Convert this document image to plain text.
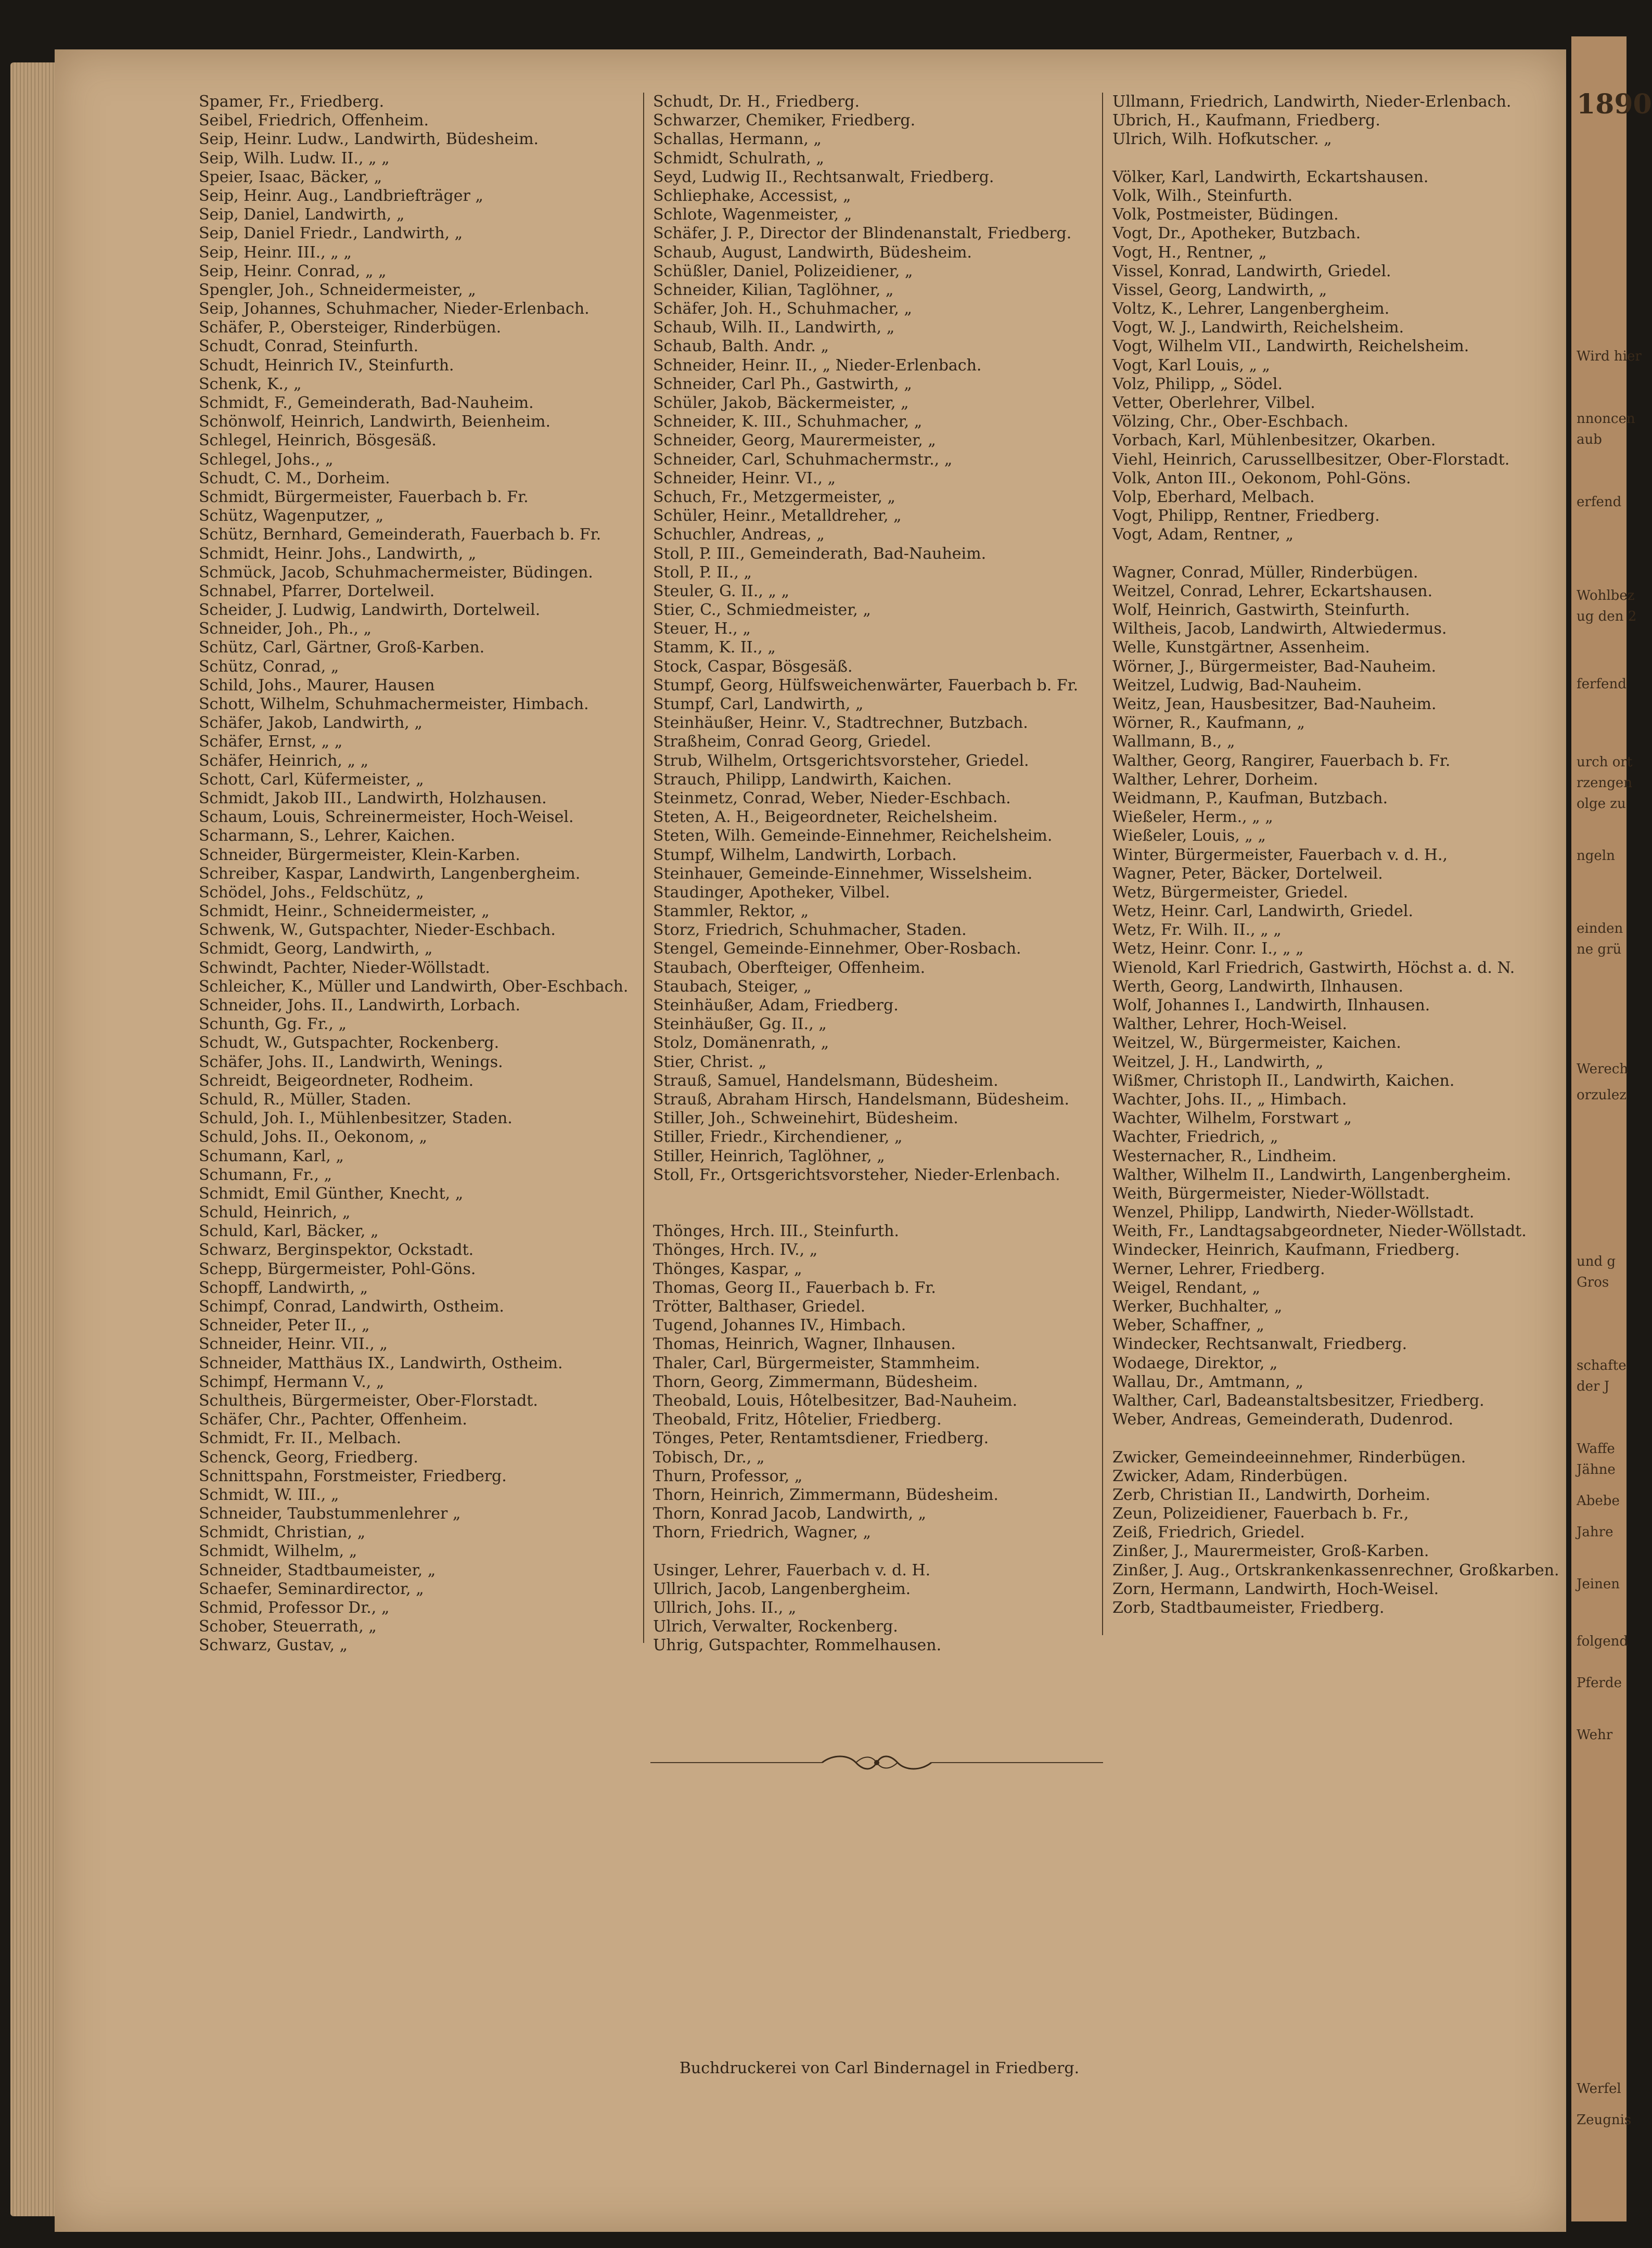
Spamer, Fr., Friedberg.
Seibel, Friedrich, Offenheim.
Seip, Heinr. Ludw., Landwirth, Büdesheim.
Seip, Wilh. Ludw. II., „ „
Speier, Isaac, Bäcker, „
Seip, Heinr. Aug., Landbriefträger „
Seip, Daniel, Landwirth, „
Seip, Daniel Friedr., Landwirth, „
Seip, Heinr. III., „ „
Seip, Heinr. Conrad, „ „
Spengler, Joh., Schneidermeister, „
Seip, Johannes, Schuhmacher, Nieder-Erlenbach.
Schäfer, P., Obersteiger, Rinderbügen.
Schudt, Conrad, Steinfurth.
Schudt, Heinrich IV., Steinfurth.
Schenk, K., „
Schmidt, F., Gemeinderath, Bad-Nauheim.
Schönwolf, Heinrich, Landwirth, Beienheim.
Schlegel, Heinrich, Bösgesäß.
Schlegel, Johs., „
Schudt, C. M., Dorheim.
Schmidt, Bürgermeister, Fauerbach b. Fr.
Schütz, Wagenputzer, „
Schütz, Bernhard, Gemeinderath, Fauerbach b. Fr.
Schmidt, Heinr. Johs., Landwirth, „
Schmück, Jacob, Schuhmachermeister, Büdingen.
Schnabel, Pfarrer, Dortelweil.
Scheider, J. Ludwig, Landwirth, Dortelweil.
Schneider, Joh., Ph., „
Schütz, Carl, Gärtner, Groß-Karben.
Schütz, Conrad, „
Schild, Johs., Maurer, Hausen
Schott, Wilhelm, Schuhmachermeister, Himbach.
Schäfer, Jakob, Landwirth, „
Schäfer, Ernst, „ „
Schäfer, Heinrich, „ „
Schott, Carl, Küfermeister, „
Schmidt, Jakob III., Landwirth, Holzhausen.
Schaum, Louis, Schreinermeister, Hoch-Weisel.
Scharmann, S., Lehrer, Kaichen.
Schneider, Bürgermeister, Klein-Karben.
Schreiber, Kaspar, Landwirth, Langenbergheim.
Schödel, Johs., Feldschütz, „
Schmidt, Heinr., Schneidermeister, „
Schwenk, W., Gutspachter, Nieder-Eschbach.
Schmidt, Georg, Landwirth, „
Schwindt, Pachter, Nieder-Wöllstadt.
Schleicher, K., Müller und Landwirth, Ober-Eschbach.
Schneider, Johs. II., Landwirth, Lorbach.
Schunth, Gg. Fr., „
Schudt, W., Gutspachter, Rockenberg.
Schäfer, Johs. II., Landwirth, Wenings.
Schreidt, Beigeordneter, Rodheim.
Schuld, R., Müller, Staden.
Schuld, Joh. I., Mühlenbesitzer, Staden.
Schuld, Johs. II., Oekonom, „
Schumann, Karl, „
Schumann, Fr., „
Schmidt, Emil Günther, Knecht, „
Schuld, Heinrich, „
Schuld, Karl, Bäcker, „
Schwarz, Berginspektor, Ockstadt.
Schepp, Bürgermeister, Pohl-Göns.
Schopff, Landwirth, „
Schimpf, Conrad, Landwirth, Ostheim.
Schneider, Peter II., „
Schneider, Heinr. VII., „
Schneider, Matthäus IX., Landwirth, Ostheim.
Schimpf, Hermann V., „
Schultheis, Bürgermeister, Ober-Florstadt.
Schäfer, Chr., Pachter, Offenheim.
Schmidt, Fr. II., Melbach.
Schenck, Georg, Friedberg.
Schnittspahn, Forstmeister, Friedberg.
Schmidt, W. III., „
Schneider, Taubstummenlehrer „
Schmidt, Christian, „
Schmidt, Wilhelm, „
Schneider, Stadtbaumeister, „
Schaefer, Seminardirector, „
Schmid, Professor Dr., „
Schober, Steuerrath, „
Schwarz, Gustav, „
Schudt, Dr. H., Friedberg.
Schwarzer, Chemiker, Friedberg.
Schallas, Hermann, „
Schmidt, Schulrath, „
Seyd, Ludwig II., Rechtsanwalt, Friedberg.
Schliephake, Accessist, „
Schlote, Wagenmeister, „
Schäfer, J. P., Director der Blindenanstalt, Friedberg.
Schaub, August, Landwirth, Büdesheim.
Schüßler, Daniel, Polizeidiener, „
Schneider, Kilian, Taglöhner, „
Schäfer, Joh. H., Schuhmacher, „
Schaub, Wilh. II., Landwirth, „
Schaub, Balth. Andr. „
Schneider, Heinr. II., „ Nieder-Erlenbach.
Schneider, Carl Ph., Gastwirth, „
Schüler, Jakob, Bäckermeister, „
Schneider, K. III., Schuhmacher, „
Schneider, Georg, Maurermeister, „
Schneider, Carl, Schuhmachermstr., „
Schneider, Heinr. VI., „
Schuch, Fr., Metzgermeister, „
Schüler, Heinr., Metalldreher, „
Schuchler, Andreas, „
Stoll, P. III., Gemeinderath, Bad-Nauheim.
Stoll, P. II., „
Steuler, G. II., „ „
Stier, C., Schmiedmeister, „
Steuer, H., „
Stamm, K. II., „
Stock, Caspar, Bösgesäß.
Stumpf, Georg, Hülfsweichenwärter, Fauerbach b. Fr.
Stumpf, Carl, Landwirth, „
Steinhäußer, Heinr. V., Stadtrechner, Butzbach.
Straßheim, Conrad Georg, Griedel.
Strub, Wilhelm, Ortsgerichtsvorsteher, Griedel.
Strauch, Philipp, Landwirth, Kaichen.
Steinmetz, Conrad, Weber, Nieder-Eschbach.
Steten, A. H., Beigeordneter, Reichelsheim.
Steten, Wilh. Gemeinde-Einnehmer, Reichelsheim.
Stumpf, Wilhelm, Landwirth, Lorbach.
Steinhauer, Gemeinde-Einnehmer, Wisselsheim.
Staudinger, Apotheker, Vilbel.
Stammler, Rektor, „
Storz, Friedrich, Schuhmacher, Staden.
Stengel, Gemeinde-Einnehmer, Ober-Rosbach.
Staubach, Oberfteiger, Offenheim.
Staubach, Steiger, „
Steinhäußer, Adam, Friedberg.
Steinhäußer, Gg. II., „
Stolz, Domänenrath, „
Stier, Christ. „
Strauß, Samuel, Handelsmann, Büdesheim.
Strauß, Abraham Hirsch, Handelsmann, Büdesheim.
Stiller, Joh., Schweinehirt, Büdesheim.
Stiller, Friedr., Kirchendiener, „
Stiller, Heinrich, Taglöhner, „
Stoll, Fr., Ortsgerichtsvorsteher, Nieder-Erlenbach.
Thönges, Hrch. III., Steinfurth.
Thönges, Hrch. IV., „
Thönges, Kaspar, „
Thomas, Georg II., Fauerbach b. Fr.
Trötter, Balthaser, Griedel.
Tugend, Johannes IV., Himbach.
Thomas, Heinrich, Wagner, Ilnhausen.
Thaler, Carl, Bürgermeister, Stammheim.
Thorn, Georg, Zimmermann, Büdesheim.
Theobald, Louis, Hôtelbesitzer, Bad-Nauheim.
Theobald, Fritz, Hôtelier, Friedberg.
Tönges, Peter, Rentamtsdiener, Friedberg.
Tobisch, Dr., „
Thurn, Professor, „
Thorn, Heinrich, Zimmermann, Büdesheim.
Thorn, Konrad Jacob, Landwirth, „
Thorn, Friedrich, Wagner, „
Usinger, Lehrer, Fauerbach v. d. H.
Ullrich, Jacob, Langenbergheim.
Ullrich, Johs. II., „
Ulrich, Verwalter, Rockenberg.
Uhrig, Gutspachter, Rommelhausen.
Ullmann, Friedrich, Landwirth, Nieder-Erlenbach.
Ubrich, H., Kaufmann, Friedberg.
Ulrich, Wilh. Hofkutscher. „
Völker, Karl, Landwirth, Eckartshausen.
Volk, Wilh., Steinfurth.
Volk, Postmeister, Büdingen.
Vogt, Dr., Apotheker, Butzbach.
Vogt, H., Rentner, „
Vissel, Konrad, Landwirth, Griedel.
Vissel, Georg, Landwirth, „
Voltz, K., Lehrer, Langenbergheim.
Vogt, W. J., Landwirth, Reichelsheim.
Vogt, Wilhelm VII., Landwirth, Reichelsheim.
Vogt, Karl Louis, „ „
Volz, Philipp, „ Södel.
Vetter, Oberlehrer, Vilbel.
Völzing, Chr., Ober-Eschbach.
Vorbach, Karl, Mühlenbesitzer, Okarben.
Viehl, Heinrich, Carussellbesitzer, Ober-Florstadt.
Volk, Anton III., Oekonom, Pohl-Göns.
Volp, Eberhard, Melbach.
Vogt, Philipp, Rentner, Friedberg.
Vogt, Adam, Rentner, „
Wagner, Conrad, Müller, Rinderbügen.
Weitzel, Conrad, Lehrer, Eckartshausen.
Wolf, Heinrich, Gastwirth, Steinfurth.
Wiltheis, Jacob, Landwirth, Altwiedermus.
Welle, Kunstgärtner, Assenheim.
Wörner, J., Bürgermeister, Bad-Nauheim.
Weitzel, Ludwig, Bad-Nauheim.
Weitz, Jean, Hausbesitzer, Bad-Nauheim.
Wörner, R., Kaufmann, „
Wallmann, B., „
Walther, Georg, Rangirer, Fauerbach b. Fr.
Walther, Lehrer, Dorheim.
Weidmann, P., Kaufman, Butzbach.
Wießeler, Herm., „ „
Wießeler, Louis, „ „
Winter, Bürgermeister, Fauerbach v. d. H.,
Wagner, Peter, Bäcker, Dortelweil.
Wetz, Bürgermeister, Griedel.
Wetz, Heinr. Carl, Landwirth, Griedel.
Wetz, Fr. Wilh. II., „ „
Wetz, Heinr. Conr. I., „ „
Wienold, Karl Friedrich, Gastwirth, Höchst a. d. N.
Werth, Georg, Landwirth, Ilnhausen.
Wolf, Johannes I., Landwirth, Ilnhausen.
Walther, Lehrer, Hoch-Weisel.
Weitzel, W., Bürgermeister, Kaichen.
Weitzel, J. H., Landwirth, „
Wißmer, Christoph II., Landwirth, Kaichen.
Wachter, Johs. II., „ Himbach.
Wachter, Wilhelm, Forstwart „
Wachter, Friedrich, „
Westernacher, R., Lindheim.
Walther, Wilhelm II., Landwirth, Langenbergheim.
Weith, Bürgermeister, Nieder-Wöllstadt.
Wenzel, Philipp, Landwirth, Nieder-Wöllstadt.
Weith, Fr., Landtagsabgeordneter, Nieder-Wöllstadt.
Windecker, Heinrich, Kaufmann, Friedberg.
Werner, Lehrer, Friedberg.
Weigel, Rendant, „
Werker, Buchhalter, „
Weber, Schaffner, „
Windecker, Rechtsanwalt, Friedberg.
Wodaege, Direktor, „
Wallau, Dr., Amtmann, „
Walther, Carl, Badeanstaltsbesitzer, Friedberg.
Weber, Andreas, Gemeinderath, Dudenrod.
Zwicker, Gemeindeeinnehmer, Rinderbügen.
Zwicker, Adam, Rinderbügen.
Zerb, Christian II., Landwirth, Dorheim.
Zeun, Polizeidiener, Fauerbach b. Fr.,
Zeiß, Friedrich, Griedel.
Zinßer, J., Maurermeister, Groß-Karben.
Zinßer, J. Aug., Ortskrankenkassenrechner, Großkarben.
Zorn, Hermann, Landwirth, Hoch-Weisel.
Zorb, Stadtbaumeister, Friedberg.
Buchdruckerei von Carl Bindernagel in Friedberg.
1890
Wird hier
nnoncen
aub
erfend
Wohlbez
ug den 2
ferfend
urch ort
rzengen
olge zu
ngeln
einden
ne grü
Werech
orzulez
und g
Gros
schafte
der J
Waffe
Jähne
Abebe
Jahre
Jeinen
folgend
Pferde
Wehr
Werfel
Zeugnis
